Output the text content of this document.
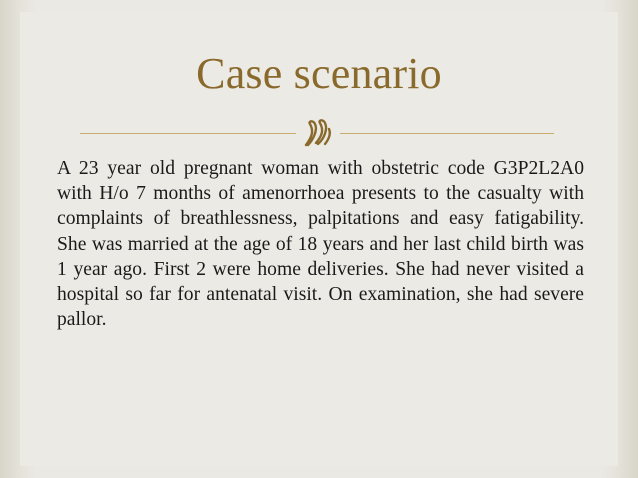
Case scenario
A 23 year old pregnant woman with obstetric code G3P2L2A0 with H/o 7 months of amenorrhoea presents to the casualty with complaints of breathlessness, palpitations and easy fatigability. She was married at the age of 18 years and her last child birth was 1 year ago. First 2 were home deliveries. She had never visited a hospital so far for antenatal visit. On examination, she had severe pallor.
